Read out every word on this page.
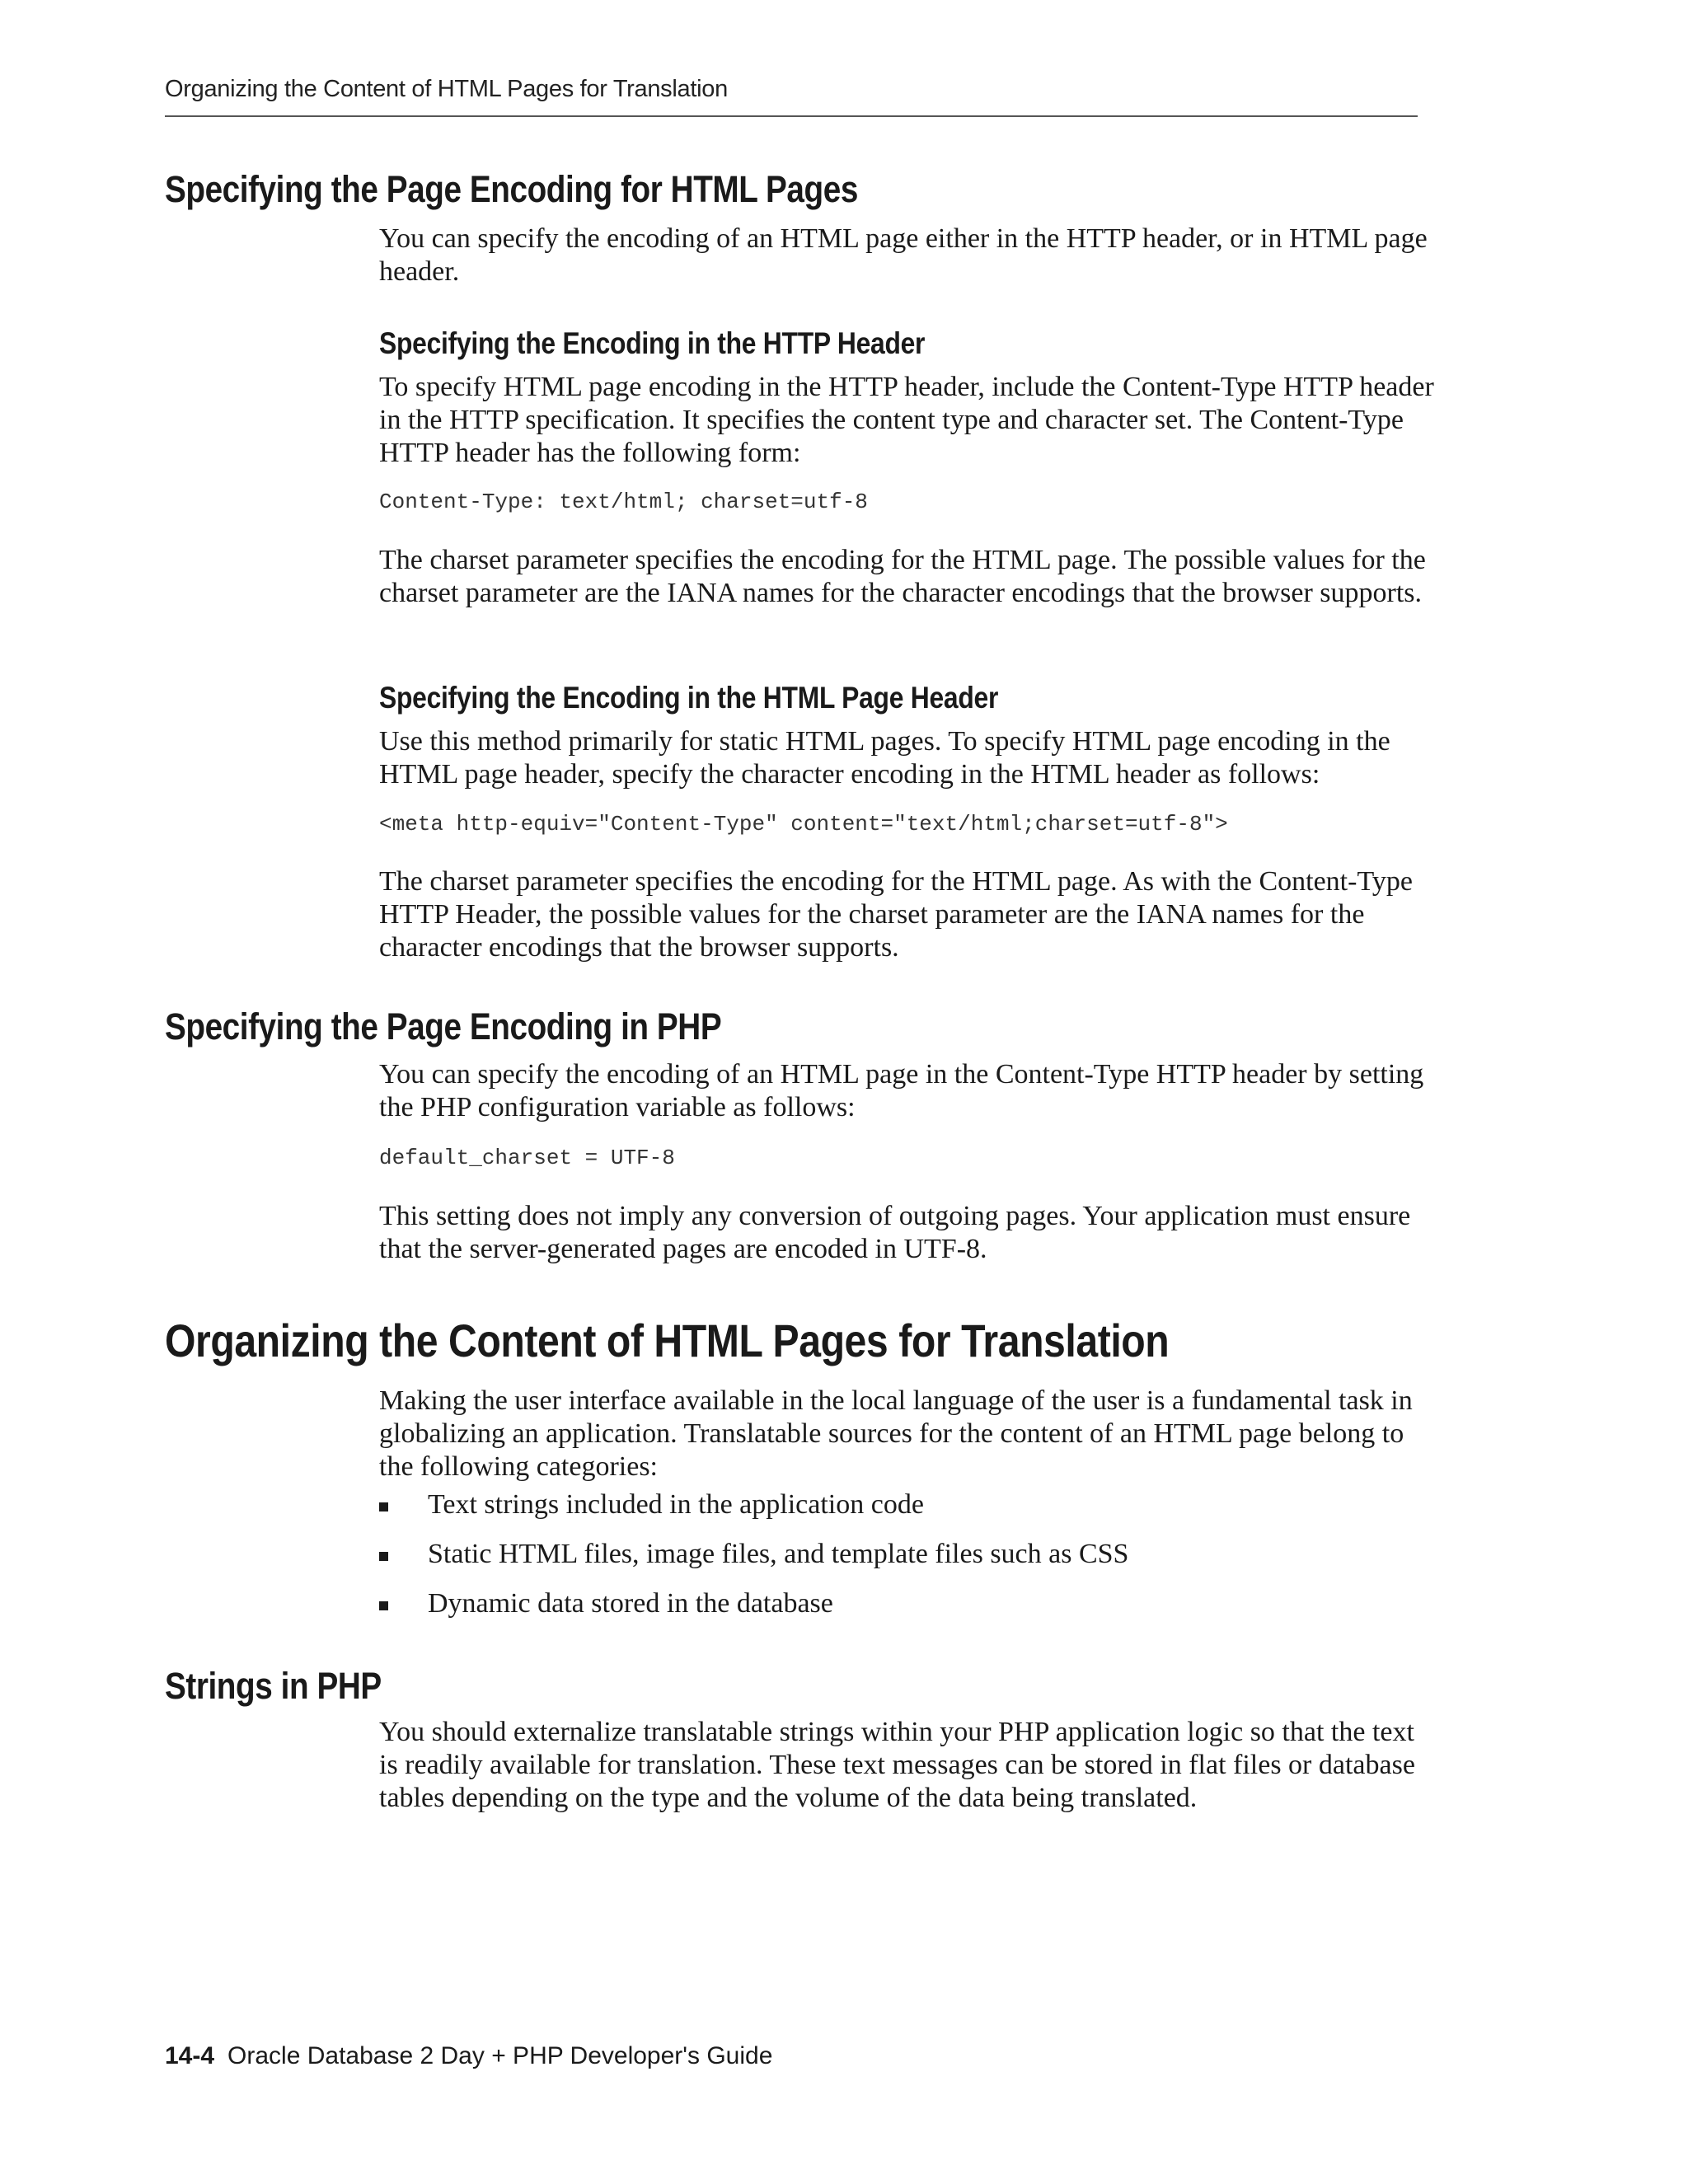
Organizing the Content of HTML Pages for Translation
Specifying the Page Encoding for HTML Pages

You can specify the encoding of an HTML page either in the HTTP header, or in HTML page header.

Specifying the Encoding in the HTTP Header

To specify HTML page encoding in the HTTP header, include the Content-Type HTTP header in the HTTP specification. It specifies the content type and character set. The Content-Type HTTP header has the following form:

Content-Type: text/html; charset=utf-8

The charset parameter specifies the encoding for the HTML page. The possible values for the charset parameter are the IANA names for the character encodings that the browser supports.

Specifying the Encoding in the HTML Page Header

Use this method primarily for static HTML pages. To specify HTML page encoding in the HTML page header, specify the character encoding in the HTML header as follows:

<meta http-equiv="Content-Type" content="text/html;charset=utf-8">

The charset parameter specifies the encoding for the HTML page. As with the Content-Type HTTP Header, the possible values for the charset parameter are the IANA names for the character encodings that the browser supports.

Specifying the Page Encoding in PHP

You can specify the encoding of an HTML page in the Content-Type HTTP header by setting the PHP configuration variable as follows:

default_charset = UTF-8

This setting does not imply any conversion of outgoing pages. Your application must ensure that the server-generated pages are encoded in UTF-8.

Organizing the Content of HTML Pages for Translation

Making the user interface available in the local language of the user is a fundamental task in globalizing an application. Translatable sources for the content of an HTML page belong to the following categories:

Text strings included in the application code
Static HTML files, image files, and template files such as CSS
Dynamic data stored in the database
Strings in PHP

You should externalize translatable strings within your PHP application logic so that the text is readily available for translation. These text messages can be stored in flat files or database tables depending on the type and the volume of the data being translated.

14-4 Oracle Database 2 Day + PHP Developer's Guide
